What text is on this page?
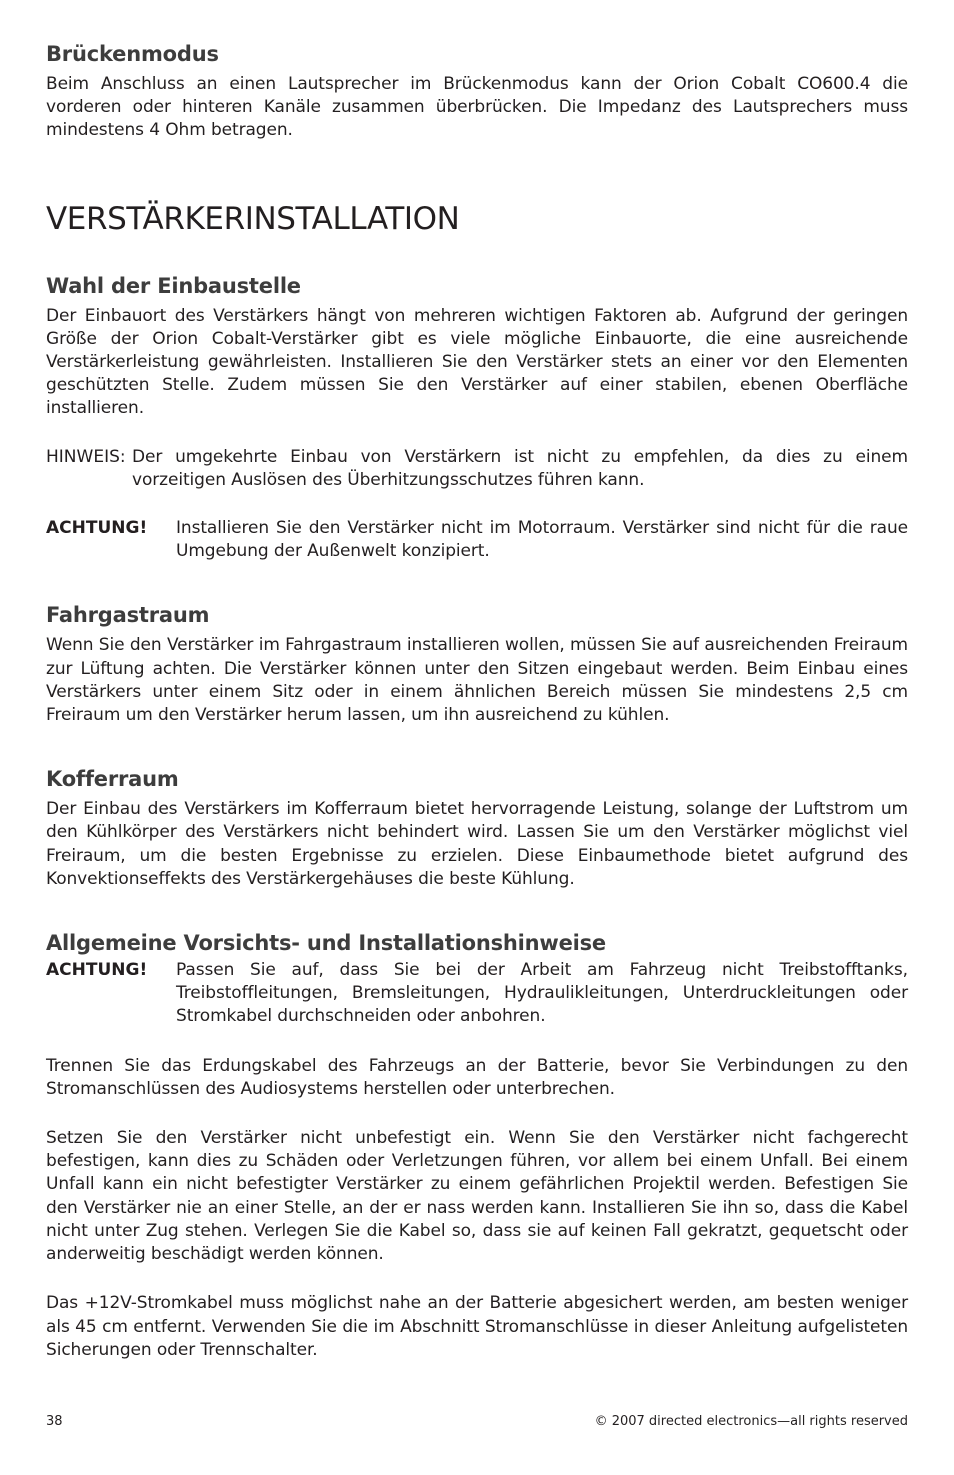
Brückenmodus

Beim Anschluss an einen Lautsprecher im Brückenmodus kann der Orion Cobalt CO600.4 die vorderen oder hinteren Kanäle zusammen überbrücken. Die Impedanz des Lautsprechers muss mindestens 4 Ohm betragen.

VERSTÄRKERINSTALLATION
Wahl der Einbaustelle

Der Einbauort des Verstärkers hängt von mehreren wichtigen Faktoren ab. Aufgrund der geringen Größe der Orion Cobalt-Verstärker gibt es viele mögliche Einbauorte, die eine ausreichende Verstärkerleistung gewährleisten. Installieren Sie den Verstärker stets an einer vor den Elementen geschützten Stelle. Zudem müssen Sie den Verstärker auf einer stabilen, ebenen Oberfläche installieren.

HINWEIS: Der umgekehrte Einbau von Verstärkern ist nicht zu empfehlen, da dies zu einem vorzeitigen Auslösen des Überhitzungsschutzes führen kann.

ACHTUNG!	Installieren Sie den Verstärker nicht im Motorraum. Verstärker sind nicht für die raue Umgebung der Außenwelt konzipiert.

Fahrgastraum

Wenn Sie den Verstärker im Fahrgastraum installieren wollen, müssen Sie auf ausreichenden Freiraum zur Lüftung achten. Die Verstärker können unter den Sitzen eingebaut werden. Beim Einbau eines Verstärkers unter einem Sitz oder in einem ähnlichen Bereich müssen Sie mindestens 2,5 cm Freiraum um den Verstärker herum lassen, um ihn ausreichend zu kühlen.

Kofferraum

Der Einbau des Verstärkers im Kofferraum bietet hervorragende Leistung, solange der Luftstrom um den Kühlkörper des Verstärkers nicht behindert wird. Lassen Sie um den Verstärker möglichst viel Freiraum, um die besten Ergebnisse zu erzielen. Diese Einbaumethode bietet aufgrund des Konvektionseffekts des Verstärkergehäuses die beste Kühlung.

Allgemeine Vorsichts- und Installationshinweise
ACHTUNG!	Passen Sie auf, dass Sie bei der Arbeit am Fahrzeug nicht Treibstofftanks, Treibstoffleitungen, Bremsleitungen, Hydraulikleitungen, Unterdruckleitungen oder Stromkabel durchschneiden oder anbohren.

Trennen Sie das Erdungskabel des Fahrzeugs an der Batterie, bevor Sie Verbindungen zu den Stromanschlüssen des Audiosystems herstellen oder unterbrechen.

Setzen Sie den Verstärker nicht unbefestigt ein. Wenn Sie den Verstärker nicht fachgerecht befestigen, kann dies zu Schäden oder Verletzungen führen, vor allem bei einem Unfall. Bei einem Unfall kann ein nicht befestigter Verstärker zu einem gefährlichen Projektil werden. Befestigen Sie den Verstärker nie an einer Stelle, an der er nass werden kann. Installieren Sie ihn so, dass die Kabel nicht unter Zug stehen. Verlegen Sie die Kabel so, dass sie auf keinen Fall gekratzt, gequetscht oder anderweitig beschädigt werden können.

Das +12V-Stromkabel muss möglichst nahe an der Batterie abgesichert werden, am besten weniger als 45 cm entfernt. Verwenden Sie die im Abschnitt Stromanschlüsse in dieser Anleitung aufgelisteten Sicherungen oder Trennschalter.

38	© 2007 directed electronics—all rights reserved
